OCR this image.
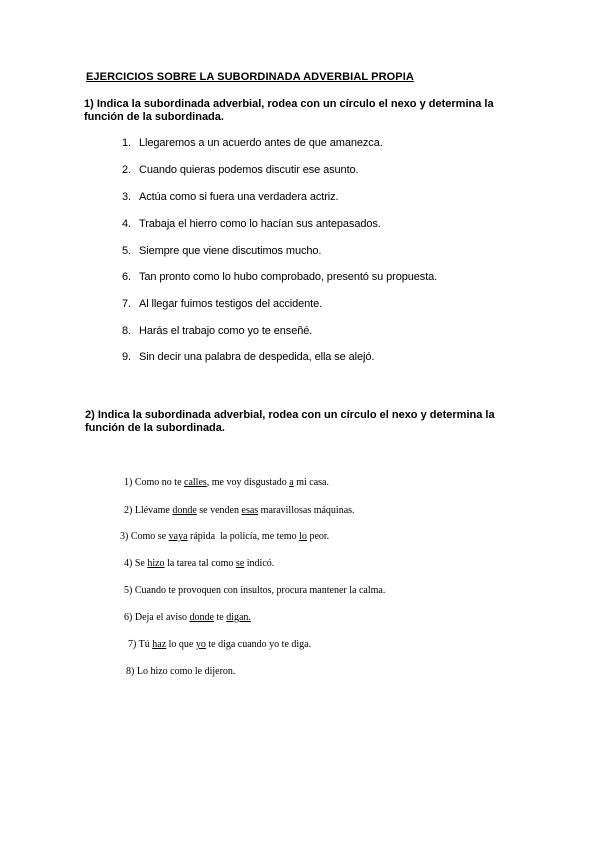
EJERCICIOS SOBRE LA SUBORDINADA ADVERBIAL PROPIA
1) Indica la subordinada adverbial, rodea con un círculo el nexo y determina la función de la subordinada.
1. Llegaremos a un acuerdo antes de que amanezca.
2. Cuando quieras podemos discutir ese asunto.
3. Actúa como si fuera una verdadera actriz.
4. Trabaja el hierro como lo hacían sus antepasados.
5. Siempre que viene discutimos mucho.
6. Tan pronto como lo hubo comprobado, presentó su propuesta.
7. Al llegar fuimos testigos del accidente.
8. Harás el trabajo como yo te enseñé.
9. Sin decir una palabra de despedida, ella se alejó.
2) Indica la subordinada adverbial, rodea con un círculo el nexo y determina la función de la subordinada.
1) Como no te calles, me voy disgustado a mi casa.
2) Llévame donde se venden esas maravillosas máquinas.
3) Como se vaya rápida  la policía, me temo lo peor.
4) Se hizo la tarea tal como se indicó.
5) Cuando te provoquen con insultos, procura mantener la calma.
6) Deja el aviso donde te digan.
7) Tú haz lo que yo te diga cuando yo te diga.
8) Lo hizo como le dijeron.
